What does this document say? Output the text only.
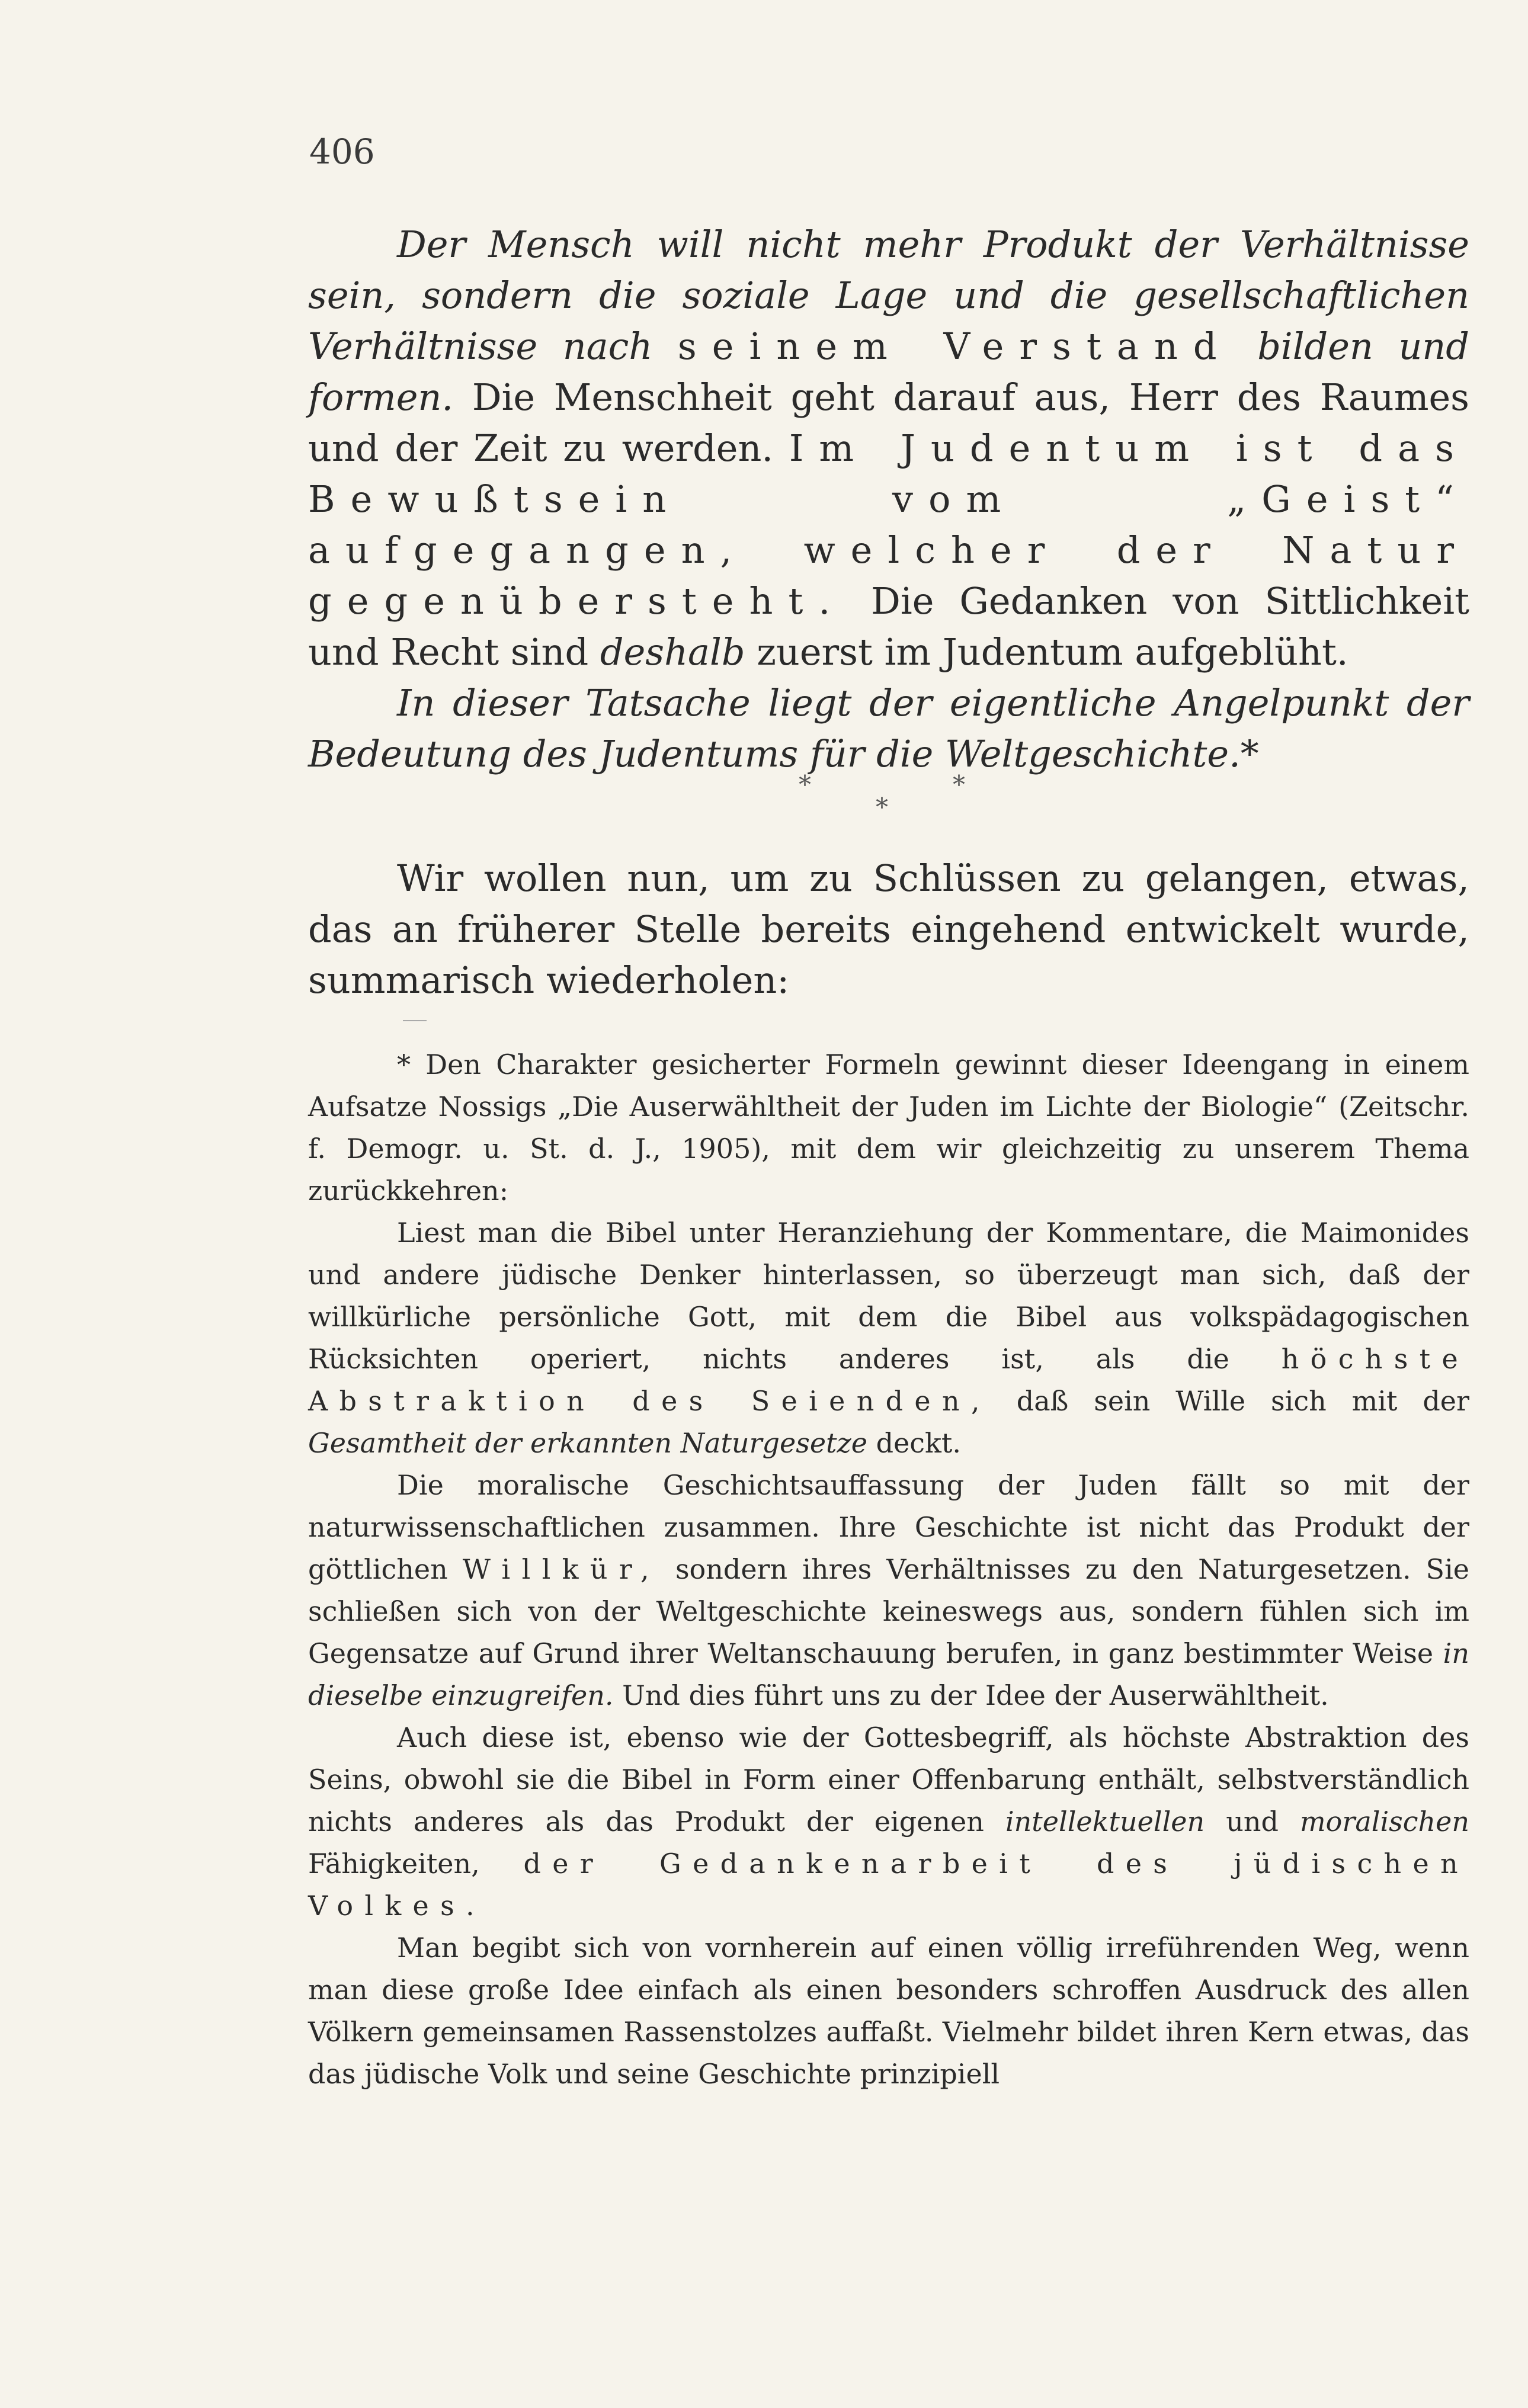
406

Der Mensch will nicht mehr Produkt der Verhältnisse sein, sondern die soziale Lage und die gesellschaftlichen Verhältnisse nach seinem Verstand bilden und formen. Die Menschheit geht darauf aus, Herr des Raumes und der Zeit zu werden. Im Judentum ist das Bewußtsein vom „Geist“ aufgegangen, welcher der Natur gegenübersteht. Die Gedanken von Sittlichkeit und Recht sind deshalb zuerst im Judentum aufgeblüht.

In dieser Tatsache liegt der eigentliche Angelpunkt der Bedeutung des Judentums für die Weltgeschichte.*

*	*
*

Wir wollen nun, um zu Schlüssen zu gelangen, etwas, das an früherer Stelle bereits eingehend entwickelt wurde, summarisch wiederholen:

* Den Charakter gesicherter Formeln gewinnt dieser Ideengang in einem Aufsatze Nossigs „Die Auserwähltheit der Juden im Lichte der Biologie“ (Zeitschr. f. Demogr. u. St. d. J., 1905), mit dem wir gleichzeitig zu unserem Thema zurückkehren:

Liest man die Bibel unter Heranziehung der Kommentare, die Maimonides und andere jüdische Denker hinterlassen, so überzeugt man sich, daß der willkürliche persönliche Gott, mit dem die Bibel aus volkspädagogischen Rücksichten operiert, nichts anderes ist, als die höchste Abstraktion des Seienden, daß sein Wille sich mit der Gesamtheit der erkannten Naturgesetze deckt.

Die moralische Geschichtsauffassung der Juden fällt so mit der naturwissenschaftlichen zusammen. Ihre Geschichte ist nicht das Produkt der göttlichen Willkür, sondern ihres Verhältnisses zu den Naturgesetzen. Sie schließen sich von der Weltgeschichte keineswegs aus, sondern fühlen sich im Gegensatze auf Grund ihrer Weltanschauung berufen, in ganz bestimmter Weise in dieselbe einzugreifen. Und dies führt uns zu der Idee der Auserwähltheit.

Auch diese ist, ebenso wie der Gottesbegriff, als höchste Abstraktion des Seins, obwohl sie die Bibel in Form einer Offenbarung enthält, selbstverständlich nichts anderes als das Produkt der eigenen intellektuellen und moralischen Fähigkeiten, der Gedankenarbeit des jüdischen Volkes.

Man begibt sich von vornherein auf einen völlig irreführenden Weg, wenn man diese große Idee einfach als einen besonders schroffen Ausdruck des allen Völkern gemeinsamen Rassenstolzes auffaßt. Vielmehr bildet ihren Kern etwas, das das jüdische Volk und seine Geschichte prinzipiell
